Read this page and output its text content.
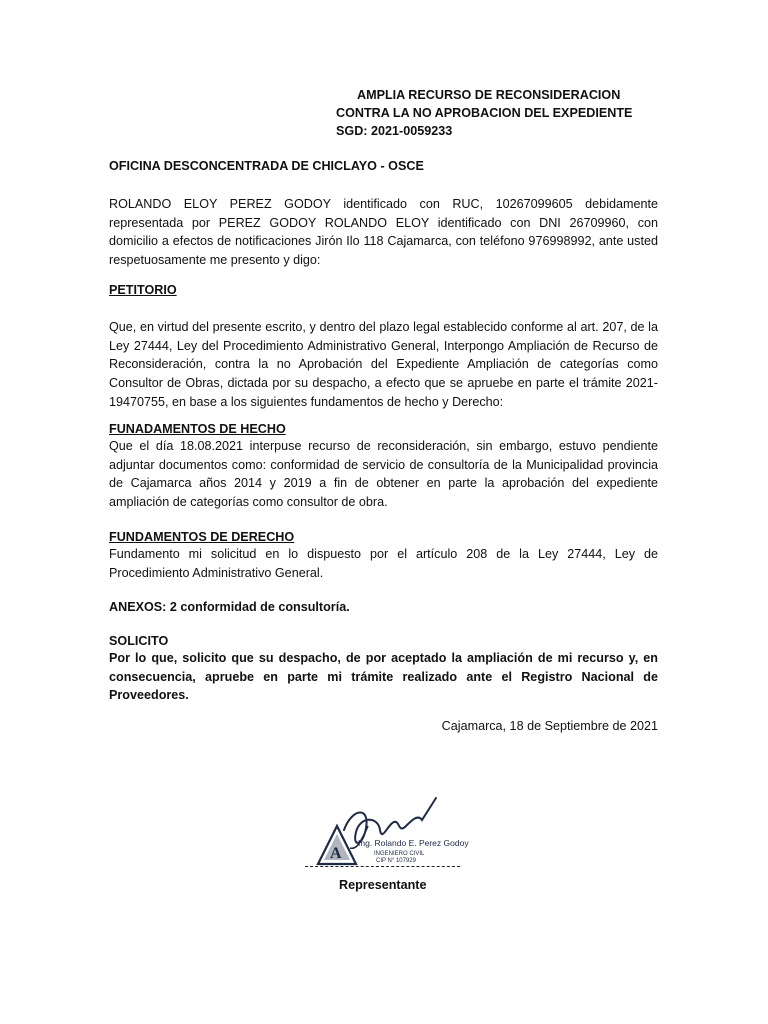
AMPLIA RECURSO DE RECONSIDERACION
CONTRA LA NO APROBACION DEL EXPEDIENTE
SGD: 2021-0059233

OFICINA DESCONCENTRADA DE CHICLAYO - OSCE

ROLANDO ELOY PEREZ GODOY identificado con RUC, 10267099605 debidamente representada por PEREZ GODOY ROLANDO ELOY identificado con DNI 26709960, con domicilio a efectos de notificaciones Jirón Ilo 118 Cajamarca, con teléfono 976998992, ante usted respetuosamente me presento y digo:

PETITORIO

Que, en virtud del presente escrito, y dentro del plazo legal establecido conforme al art. 207, de la Ley 27444, Ley del Procedimiento Administrativo General, Interpongo Ampliación de Recurso de Reconsideración, contra la no Aprobación del Expediente Ampliación de categorías como Consultor de Obras, dictada por su despacho, a efecto que se apruebe en parte el trámite 2021-19470755, en base a los siguientes fundamentos de hecho y Derecho:

FUNADAMENTOS DE HECHO

Que el día 18.08.2021 interpuse recurso de reconsideración, sin embargo, estuvo pendiente adjuntar documentos como: conformidad de servicio de consultoría de la Municipalidad provincia de Cajamarca años 2014 y 2019 a fin de obtener en parte la aprobación del expediente ampliación de categorías como consultor de obra.

FUNDAMENTOS DE DERECHO

Fundamento mi solicitud en lo dispuesto por el artículo 208 de la Ley 27444, Ley de Procedimiento Administrativo General.

ANEXOS: 2 conformidad de consultoría.

SOLICITO

Por lo que, solicito que su despacho, de por aceptado la ampliación de mi recurso y, en consecuencia, apruebe en parte mi trámite realizado ante el Registro Nacional de Proveedores.

Cajamarca, 18 de Septiembre de 2021
A
Ing. Rolando E. Perez Godoy
INGENIERO CIVIL
CIP N° 107929
Representante
